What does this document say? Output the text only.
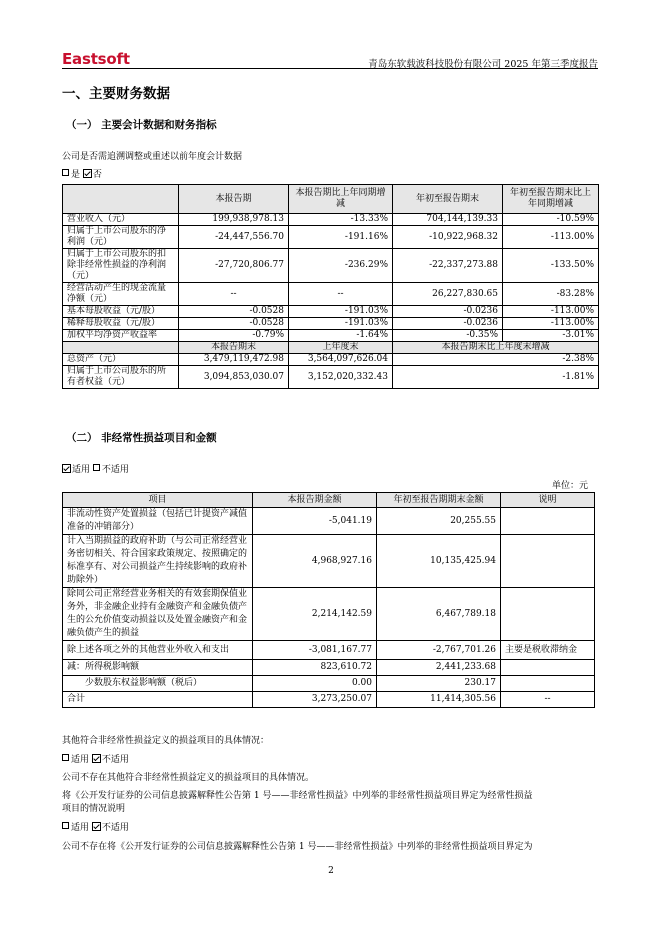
Eastsoft	青岛东软载波科技股份有限公司 2025 年第三季度报告
一、主要财务数据
（一） 主要会计数据和财务指标
公司是否需追溯调整或重述以前年度会计数据
是 否
	本报告期	本报告期比上年同期增减	年初至报告期末	年初至报告期末比上年同期增减
营业收入（元）	199,938,978.13	-13.33%	704,144,139.33	-10.59%
归属于上市公司股东的净利润（元）	-24,447,556.70	-191.16%	-10,922,968.32	-113.00%
归属于上市公司股东的扣除非经常性损益的净利润（元）	-27,720,806.77	-236.29%	-22,337,273.88	-133.50%
经营活动产生的现金流量净额（元）	--	--	26,227,830.65	-83.28%
基本每股收益（元/股）	-0.0528	-191.03%	-0.0236	-113.00%
稀释每股收益（元/股）	-0.0528	-191.03%	-0.0236	-113.00%
加权平均净资产收益率	-0.79%	-1.64%	-0.35%	-3.01%
	本报告期末	上年度末	本报告期末比上年度末增减	
总资产（元）	3,479,119,472.98	3,564,097,626.04	-2.38%	
归属于上市公司股东的所有者权益（元）	3,094,853,030.07	3,152,020,332.43	-1.81%	
（二） 非经常性损益项目和金额
适用 不适用
单位：元
项目	本报告期金额	年初至报告期期末金额	说明
非流动性资产处置损益（包括已计提资产减值准备的冲销部分）	-5,041.19	20,255.55	
计入当期损益的政府补助（与公司正常经营业务密切相关、符合国家政策规定、按照确定的标准享有、对公司损益产生持续影响的政府补助除外）	4,968,927.16	10,135,425.94	
除同公司正常经营业务相关的有效套期保值业务外，非金融企业持有金融资产和金融负债产生的公允价值变动损益以及处置金融资产和金融负债产生的损益	2,214,142.59	6,467,789.18	
除上述各项之外的其他营业外收入和支出	-3,081,167.77	-2,767,701.26	主要是税收滞纳金
减：所得税影响额	823,610.72	2,441,233.68	
少数股东权益影响额（税后）	0.00	230.17	
合计	3,273,250.07	11,414,305.56	--
其他符合非经常性损益定义的损益项目的具体情况：
适用 不适用
公司不存在其他符合非经常性损益定义的损益项目的具体情况。
将《公开发行证券的公司信息披露解释性公告第 1 号——非经常性损益》中列举的非经常性损益项目界定为经常性损益
项目的情况说明
适用 不适用
公司不存在将《公开发行证券的公司信息披露解释性公告第 1 号——非经常性损益》中列举的非经常性损益项目界定为
2
